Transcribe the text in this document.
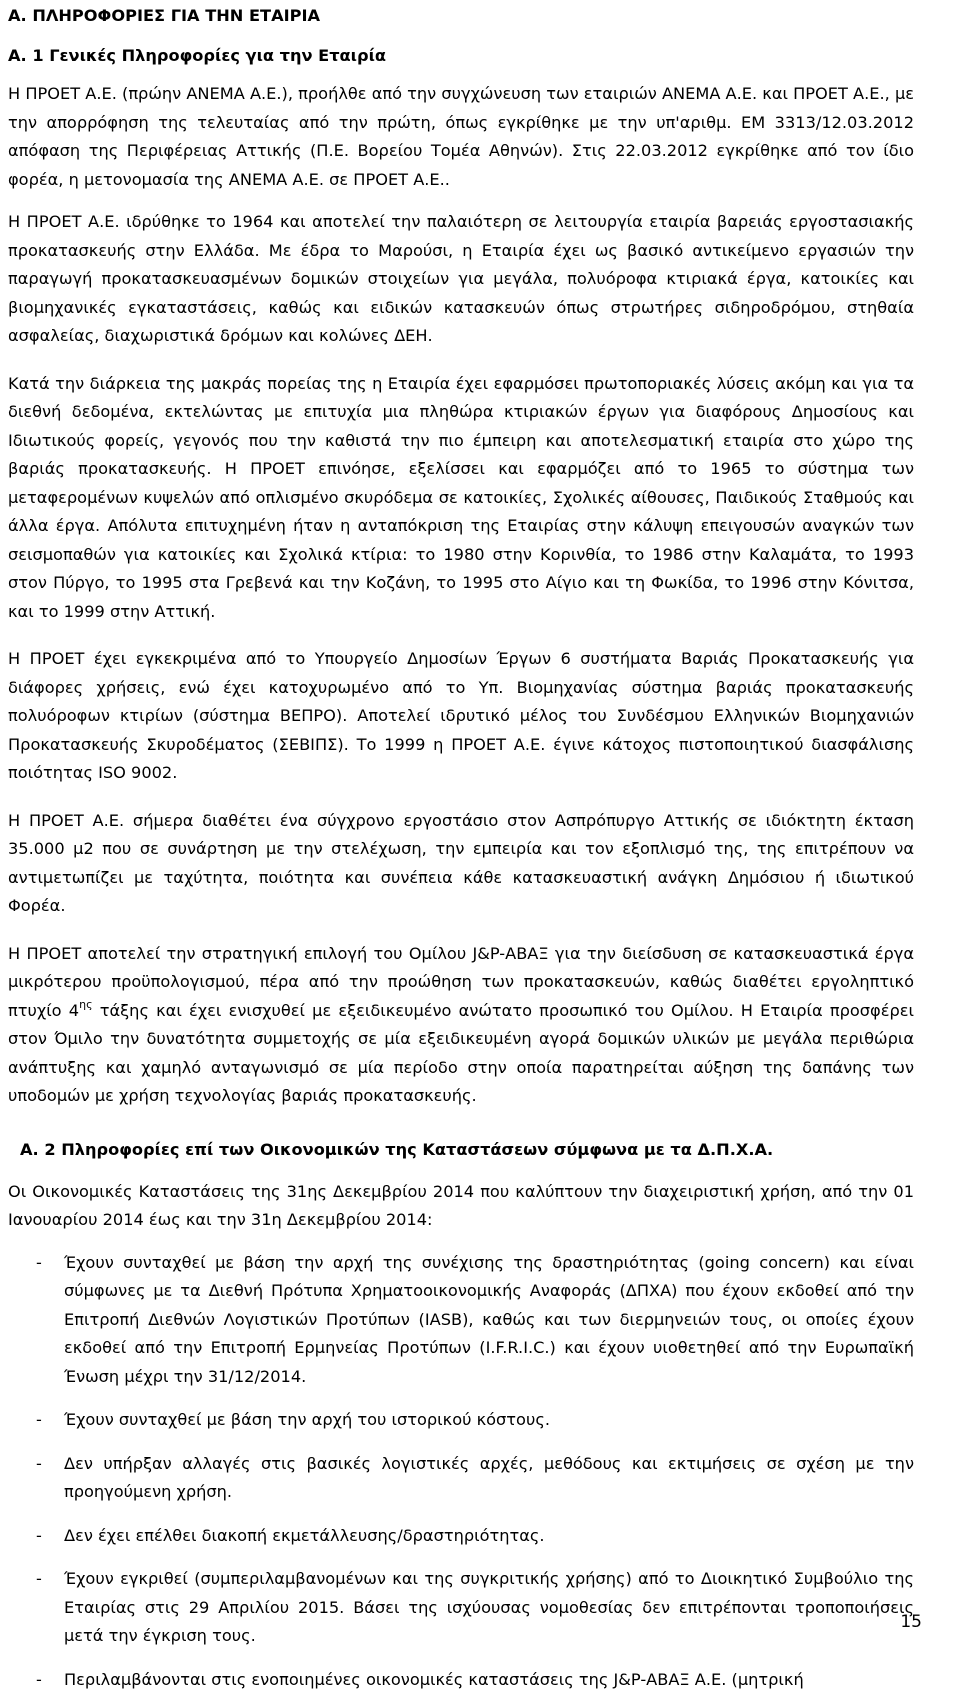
Α. ΠΛΗΡΟΦΟΡΙΕΣ ΓΙΑ ΤΗΝ ΕΤΑΙΡΙΑ
Α. 1 Γενικές Πληροφορίες για την Εταιρία

Η ΠΡΟΕΤ Α.Ε. (πρώην ΑΝΕΜΑ Α.Ε.), προήλθε από την συγχώνευση των εταιριών ΑΝΕΜΑ Α.Ε. και ΠΡΟΕΤ Α.Ε., με την απορρόφηση της τελευταίας από την πρώτη, όπως εγκρίθηκε με την υπ'αριθμ. ΕΜ 3313/12.03.2012 απόφαση της Περιφέρειας Αττικής (Π.Ε. Βορείου Τομέα Αθηνών). Στις 22.03.2012 εγκρίθηκε από τον ίδιο φορέα, η μετονομασία της ΑΝΕΜΑ Α.Ε. σε ΠΡΟΕΤ Α.Ε..

Η ΠΡΟΕΤ Α.Ε. ιδρύθηκε το 1964 και αποτελεί την παλαιότερη σε λειτουργία εταιρία βαρειάς εργοστασιακής προκατασκευής στην Ελλάδα. Με έδρα το Μαρούσι, η Εταιρία έχει ως βασικό αντικείμενο εργασιών την παραγωγή προκατασκευασμένων δομικών στοιχείων για μεγάλα, πολυόροφα κτιριακά έργα, κατοικίες και βιομηχανικές εγκαταστάσεις, καθώς και ειδικών κατασκευών όπως στρωτήρες σιδηροδρόμου, στηθαία ασφαλείας, διαχωριστικά δρόμων και κολώνες ΔΕΗ.

Κατά την διάρκεια της μακράς πορείας της η Εταιρία έχει εφαρμόσει πρωτοποριακές λύσεις ακόμη και για τα διεθνή δεδομένα, εκτελώντας με επιτυχία μια πληθώρα κτιριακών έργων για διαφόρους Δημοσίους και Ιδιωτικούς φορείς, γεγονός που την καθιστά την πιο έμπειρη και αποτελεσματική εταιρία στο χώρο της βαριάς προκατασκευής. Η ΠΡΟΕΤ επινόησε, εξελίσσει και εφαρμόζει από το 1965 το σύστημα των μεταφερομένων κυψελών από οπλισμένο σκυρόδεμα σε κατοικίες, Σχολικές αίθουσες, Παιδικούς Σταθμούς και άλλα έργα. Απόλυτα επιτυχημένη ήταν η ανταπόκριση της Εταιρίας στην κάλυψη επειγουσών αναγκών των σεισμοπαθών για κατοικίες και Σχολικά κτίρια: το 1980 στην Κορινθία, το 1986 στην Καλαμάτα, το 1993 στον Πύργο, το 1995 στα Γρεβενά και την Κοζάνη, το 1995 στο Αίγιο και τη Φωκίδα, το 1996 στην Κόνιτσα, και το 1999 στην Αττική.

Η ΠΡΟΕΤ έχει εγκεκριμένα από το Υπουργείο Δημοσίων Έργων 6 συστήματα Βαριάς Προκατασκευής για διάφορες χρήσεις, ενώ έχει κατοχυρωμένο από το Υπ. Βιομηχανίας σύστημα βαριάς προκατασκευής πολυόροφων κτιρίων (σύστημα ΒΕΠΡΟ). Αποτελεί ιδρυτικό μέλος του Συνδέσμου Ελληνικών Βιομηχανιών Προκατασκευής Σκυροδέματος (ΣΕΒΙΠΣ). Το 1999 η ΠΡΟΕΤ Α.Ε. έγινε κάτοχος πιστοποιητικού διασφάλισης ποιότητας ISO 9002.

Η ΠΡΟΕΤ Α.Ε. σήμερα διαθέτει ένα σύγχρονο εργοστάσιο στον Ασπρόπυργο Αττικής σε ιδιόκτητη έκταση 35.000 μ2 που σε συνάρτηση με την στελέχωση, την εμπειρία και τον εξοπλισμό της, της επιτρέπουν να αντιμετωπίζει με ταχύτητα, ποιότητα και συνέπεια κάθε κατασκευαστική ανάγκη Δημόσιου ή ιδιωτικού Φορέα.

Η ΠΡΟΕΤ αποτελεί την στρατηγική επιλογή του Ομίλου J&P-ΑΒΑΞ για την διείσδυση σε κατασκευαστικά έργα μικρότερου προϋπολογισμού, πέρα από την προώθηση των προκατασκευών, καθώς διαθέτει εργοληπτικό πτυχίο $4^{\eta\varsigma}$ τάξης και έχει ενισχυθεί με εξειδικευμένο ανώτατο προσωπικό του Ομίλου. Η Εταιρία προσφέρει στον Όμιλο την δυνατότητα συμμετοχής σε μία εξειδικευμένη αγορά δομικών υλικών με μεγάλα περιθώρια ανάπτυξης και χαμηλό ανταγωνισμό σε μία περίοδο στην οποία παρατηρείται αύξηση της δαπάνης των υποδομών με χρήση τεχνολογίας βαριάς προκατασκευής.

Α. 2 Πληροφορίες επί των Οικονομικών της Καταστάσεων σύμφωνα με τα Δ.Π.Χ.Α.

Οι Οικονομικές Καταστάσεις της 31ης Δεκεμβρίου 2014 που καλύπτουν την διαχειριστική χρήση, από την 01 Ιανουαρίου 2014 έως και την 31η Δεκεμβρίου 2014:

- Έχουν συνταχθεί με βάση την αρχή της συνέχισης της δραστηριότητας (going concern) και είναι σύμφωνες με τα Διεθνή Πρότυπα Χρηματοοικονομικής Αναφοράς (ΔΠΧΑ) που έχουν εκδοθεί από την Επιτροπή Διεθνών Λογιστικών Προτύπων (IASB), καθώς και των διερμηνειών τους, οι οποίες έχουν εκδοθεί από την Επιτροπή Ερμηνείας Προτύπων (I.F.R.I.C.) και έχουν υιοθετηθεί από την Ευρωπαϊκή Ένωση μέχρι την 31/12/2014.
- Έχουν συνταχθεί με βάση την αρχή του ιστορικού κόστους.
- Δεν υπήρξαν αλλαγές στις βασικές λογιστικές αρχές, μεθόδους και εκτιμήσεις σε σχέση με την προηγούμενη χρήση.
- Δεν έχει επέλθει διακοπή εκμετάλλευσης/δραστηριότητας.
- Έχουν εγκριθεί (συμπεριλαμβανομένων και της συγκριτικής χρήσης) από το Διοικητικό Συμβούλιο της Εταιρίας στις 29 Απριλίου 2015. Βάσει της ισχύουσας νομοθεσίας δεν επιτρέπονται τροποποιήσεις μετά την έγκριση τους.
- Περιλαμβάνονται στις ενοποιημένες οικονομικές καταστάσεις της J&P-ΑΒΑΞ Α.Ε. (μητρική
15
